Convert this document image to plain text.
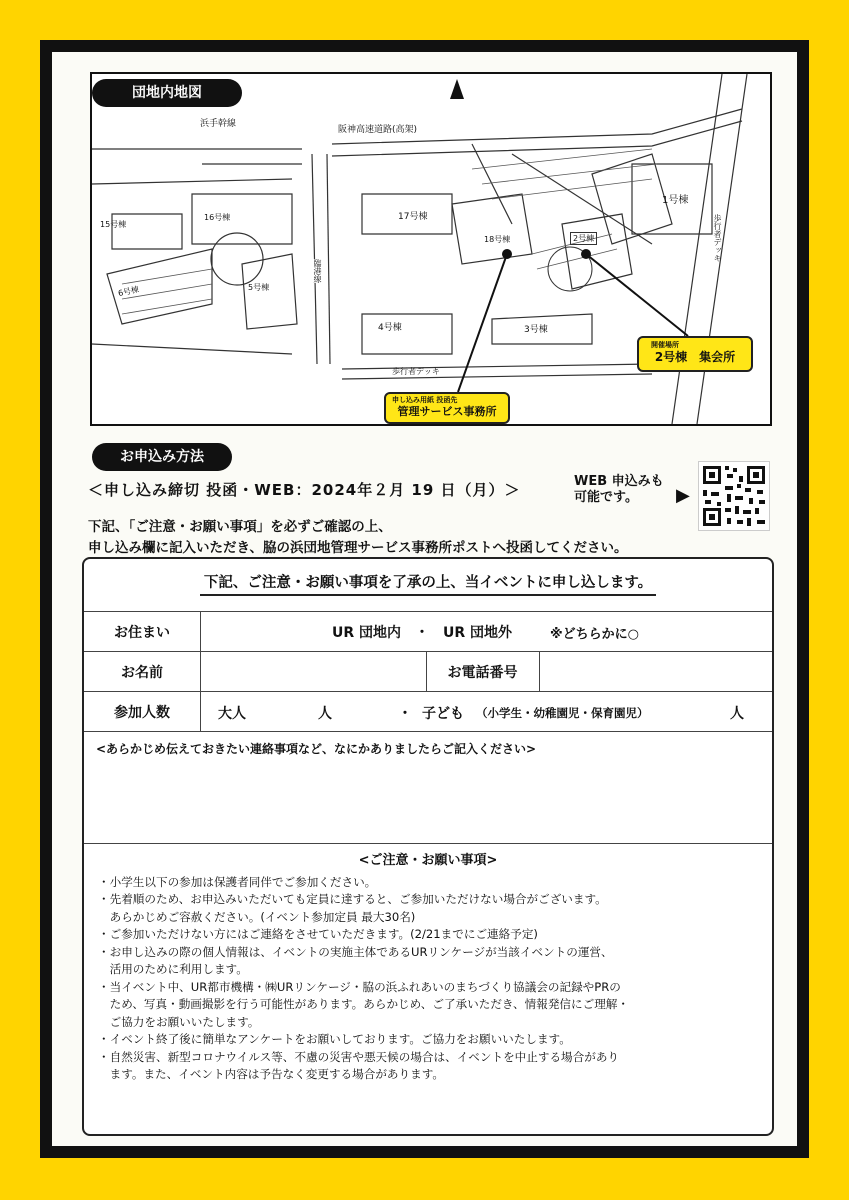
阪神高速道路(高架)
浜手幹線
1号棟
2号棟
3号棟
4号棟
5号棟
6号棟
15号棟
16号棟	17号棟
18号棟
歩行者デッキ
歩行者デッキ
臨港線
開催場所
2号棟　集会所
申し込み用紙 投函先
管理サービス事務所
団地内地図
お申込み方法
＜申し込み締切 投函・WEB：2024年２月 19 日（月）＞	WEB 申込みも
可能です。	▶
下記、「ご注意・お願い事項」を必ずご確認の上、
申し込み欄に記入いただき、脇の浜団地管理サービス事務所ポストへ投函してください。
下記、ご注意・お願い事項を了承の上、当イベントに申し込します。
お住まい	UR 団地内　・　UR 団地外	※どちらかに○
お名前	お電話番号
参加人数	大人	人	・ 子ども （小学生・幼稚園児・保育園児）	人
<あらかじめ伝えておきたい連絡事項など、なにかありましたらご記入ください>
<ご注意・お願い事項>
・小学生以下の参加は保護者同伴でご参加ください。
・先着順のため、お申込みいただいても定員に達すると、ご参加いただけない場合がございます。
　あらかじめご容赦ください。(イベント参加定員 最大30名)
・ご参加いただけない方にはご連絡をさせていただきます。(2/21までにご連絡予定)
・お申し込みの際の個人情報は、イベントの実施主体であるURリンケージが当該イベントの運営、
　活用のために利用します。
・当イベント中、UR都市機構・㈱URリンケージ・脇の浜ふれあいのまちづくり協議会の記録やPRの
　ため、写真・動画撮影を行う可能性があります。あらかじめ、ご了承いただき、情報発信にご理解・
　ご協力をお願いいたします。
・イベント終了後に簡単なアンケートをお願いしております。ご協力をお願いいたします。
・自然災害、新型コロナウイルス等、不慮の災害や悪天候の場合は、イベントを中止する場合があり
　ます。また、イベント内容は予告なく変更する場合があります。
